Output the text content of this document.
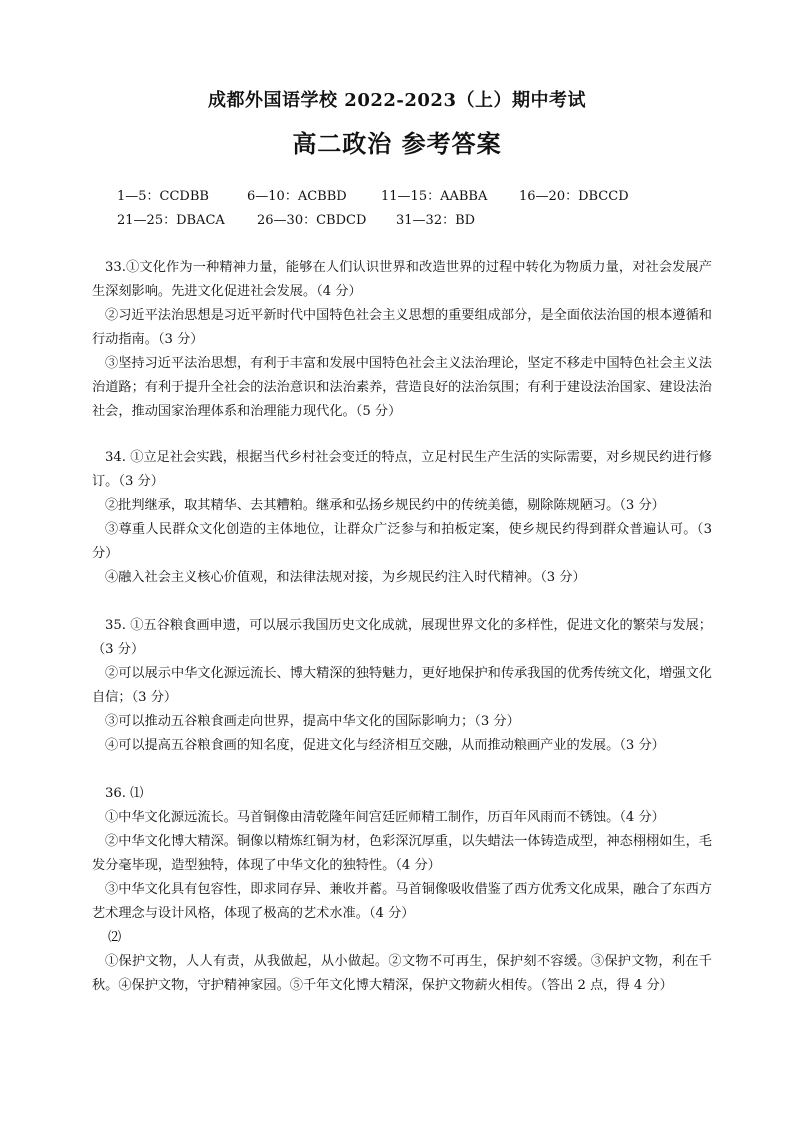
成都外国语学校 2022-2023（上）期中考试
高二政治 参考答案
1—5：CCDBB	6—10：ACBBD	11—15：AABBA 16—20：DBCCD
21—25：DBACA 26—30：CBDCD 31—32：BD

33.①文化作为一种精神力量，能够在人们认识世界和改造世界的过程中转化为物质力量，对社会发展产生深刻影响。先进文化促进社会发展。（4 分）

②习近平法治思想是习近平新时代中国特色社会主义思想的重要组成部分，是全面依法治国的根本遵循和行动指南。（3 分）

③坚持习近平法治思想，有利于丰富和发展中国特色社会主义法治理论，坚定不移走中国特色社会主义法治道路；有利于提升全社会的法治意识和法治素养，营造良好的法治氛围；有利于建设法治国家、建设法治社会，推动国家治理体系和治理能力现代化。（5 分）

34. ①立足社会实践，根据当代乡村社会变迁的特点，立足村民生产生活的实际需要，对乡规民约进行修订。（3 分）

②批判继承，取其精华、去其糟粕。继承和弘扬乡规民约中的传统美德，剔除陈规陋习。（3 分）

③尊重人民群众文化创造的主体地位，让群众广泛参与和拍板定案，使乡规民约得到群众普遍认可。（3 分）

④融入社会主义核心价值观，和法律法规对接，为乡规民约注入时代精神。（3 分）

35. ①五谷粮食画申遗，可以展示我国历史文化成就，展现世界文化的多样性，促进文化的繁荣与发展；（3 分）

②可以展示中华文化源远流长、博大精深的独特魅力，更好地保护和传承我国的优秀传统文化，增强文化自信；（3 分）

③可以推动五谷粮食画走向世界，提高中华文化的国际影响力；（3 分）

④可以提高五谷粮食画的知名度，促进文化与经济相互交融，从而推动粮画产业的发展。（3 分）

36. ⑴

①中华文化源远流长。马首铜像由清乾隆年间宫廷匠师精工制作，历百年风雨而不锈蚀。（4 分）

②中华文化博大精深。铜像以精炼红铜为材，色彩深沉厚重，以失蜡法一体铸造成型，神态栩栩如生，毛发分毫毕现，造型独特，体现了中华文化的独特性。（4 分）

③中华文化具有包容性，即求同存异、兼收并蓄。马首铜像吸收借鉴了西方优秀文化成果，融合了东西方艺术理念与设计风格，体现了极高的艺术水准。（4 分）

⑵

①保护文物，人人有责，从我做起，从小做起。②文物不可再生，保护刻不容缓。③保护文物，利在千秋。④保护文物，守护精神家园。⑤千年文化博大精深，保护文物薪火相传。（答出 2 点，得 4 分）
